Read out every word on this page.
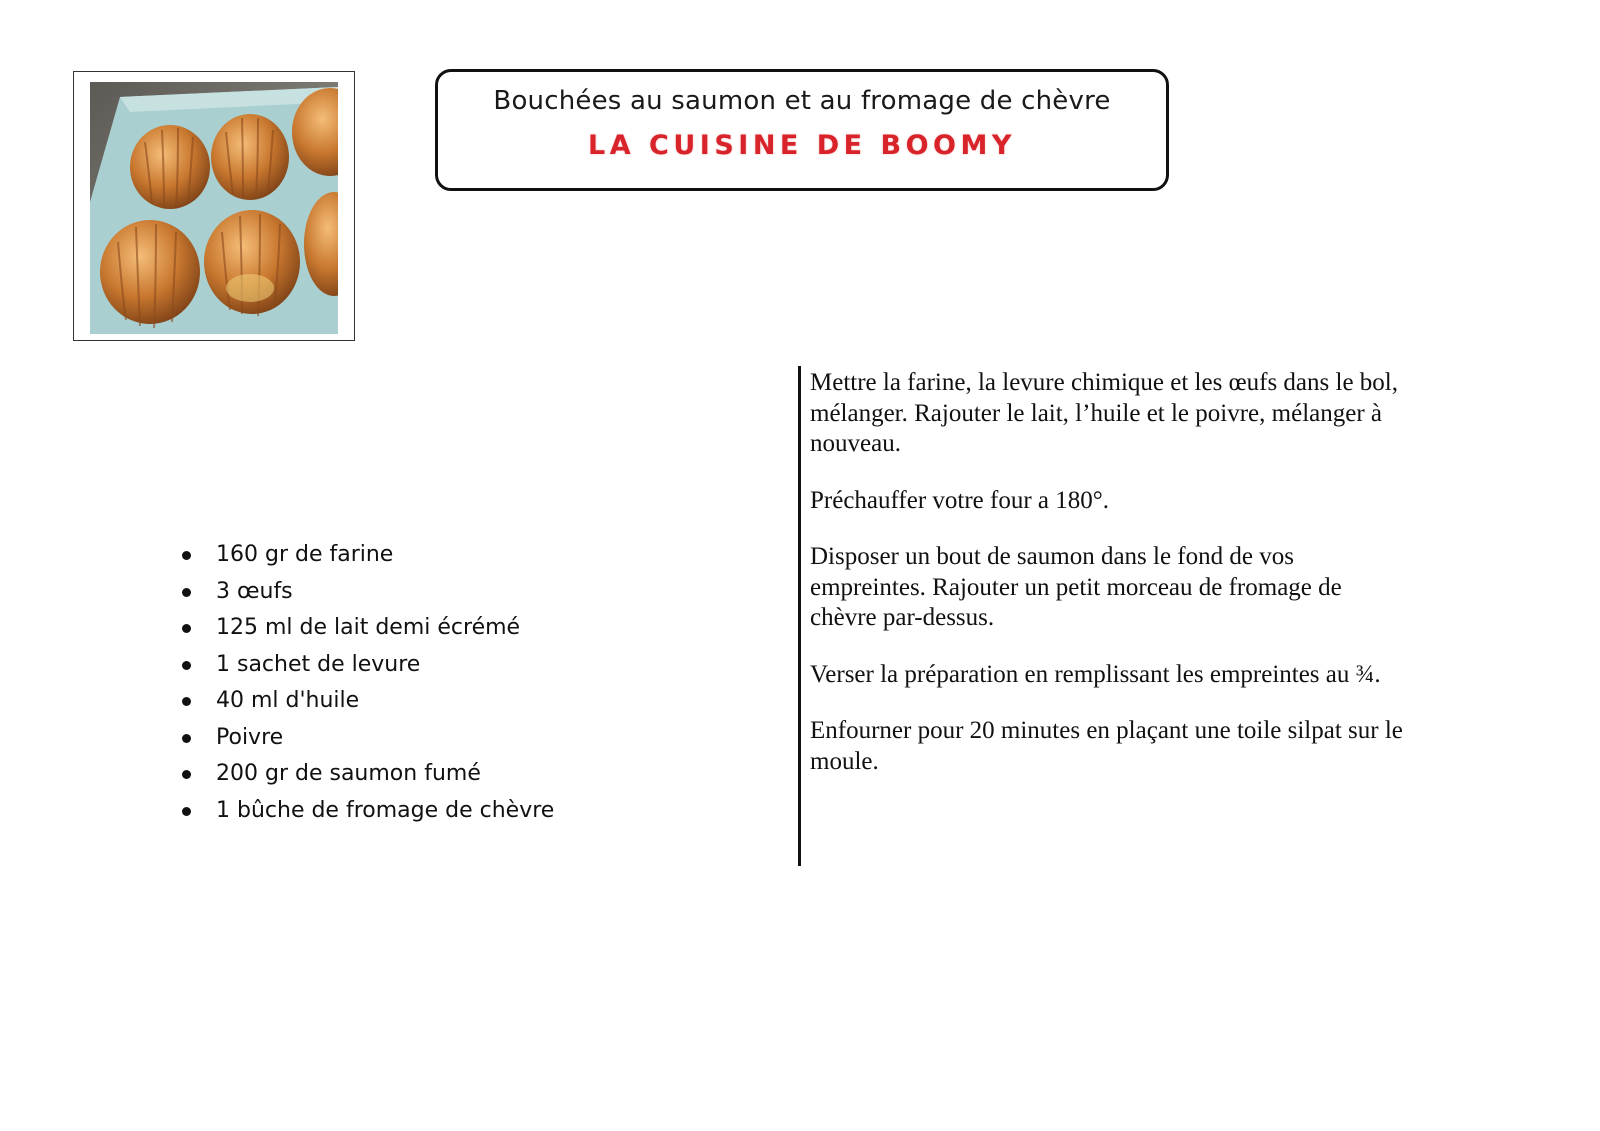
Bouchées au saumon et au fromage de chèvre
LA CUISINE DE BOOMY
160 gr de farine
3 œufs
125 ml de lait demi écrémé
1 sachet de levure
40 ml d'huile
Poivre
200 gr de saumon fumé
1 bûche de fromage de chèvre

Mettre la farine, la levure chimique et les œufs dans le bol, mélanger. Rajouter le lait, l’huile et le poivre, mélanger à nouveau.

Préchauffer votre four a 180°.

Disposer un bout de saumon dans le fond de vos empreintes. Rajouter un petit morceau de fromage de chèvre par-dessus.

Verser la préparation en remplissant les empreintes au ¾.

Enfourner pour 20 minutes en plaçant une toile silpat sur le moule.
